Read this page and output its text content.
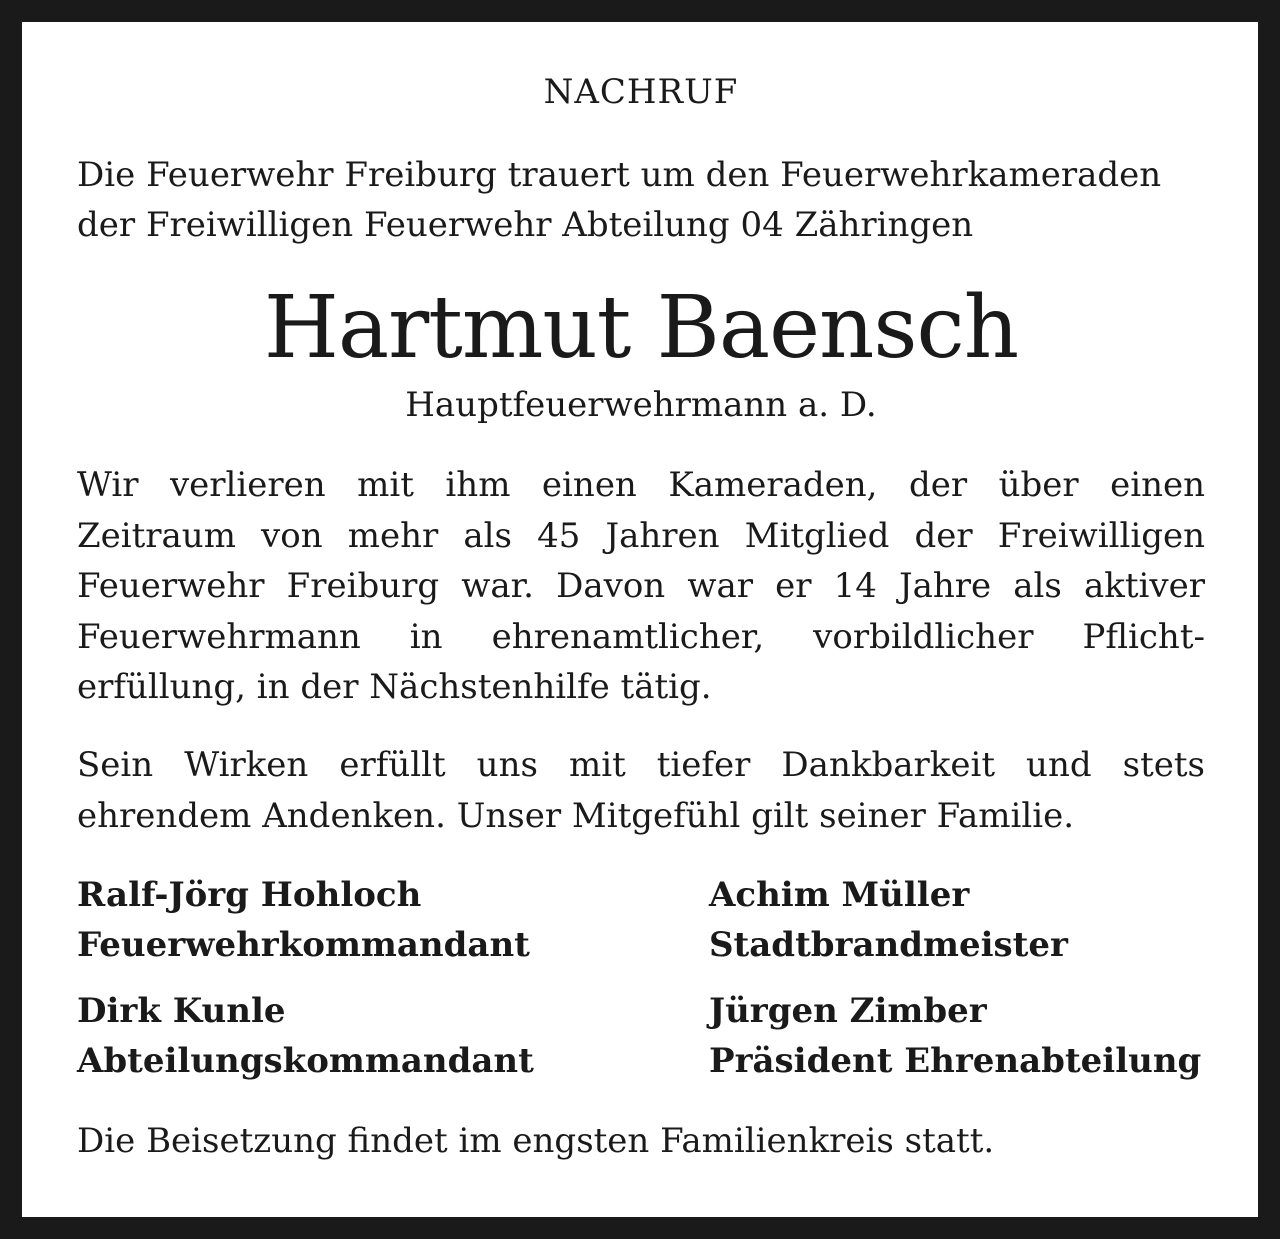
NACHRUF
Die Feuerwehr Freiburg trauert um den Feuerwehrkameraden
der Freiwilligen Feuerwehr Abteilung 04 Zähringen
Hartmut Baensch
Hauptfeuerwehrmann a. D.
Wir verlieren mit ihm einen Kameraden, der über einen Zeitraum von mehr als 45 Jahren Mitglied der Freiwilligen Feuerwehr Freiburg war. Davon war er 14 Jahre als aktiver Feuerwehrmann in ehrenamtlicher, vorbildlicher Pflichterfüllung, in der Nächstenhilfe tätig.
Sein Wirken erfüllt uns mit tiefer Dankbarkeit und stets ehrendem Andenken. Unser Mitgefühl gilt seiner Familie.
Ralf-Jörg Hohloch
Feuerwehrkommandant
Achim Müller
Stadtbrandmeister
Dirk Kunle
Abteilungskommandant
Jürgen Zimber
Präsident Ehrenabteilung
Die Beisetzung findet im engsten Familienkreis statt.
